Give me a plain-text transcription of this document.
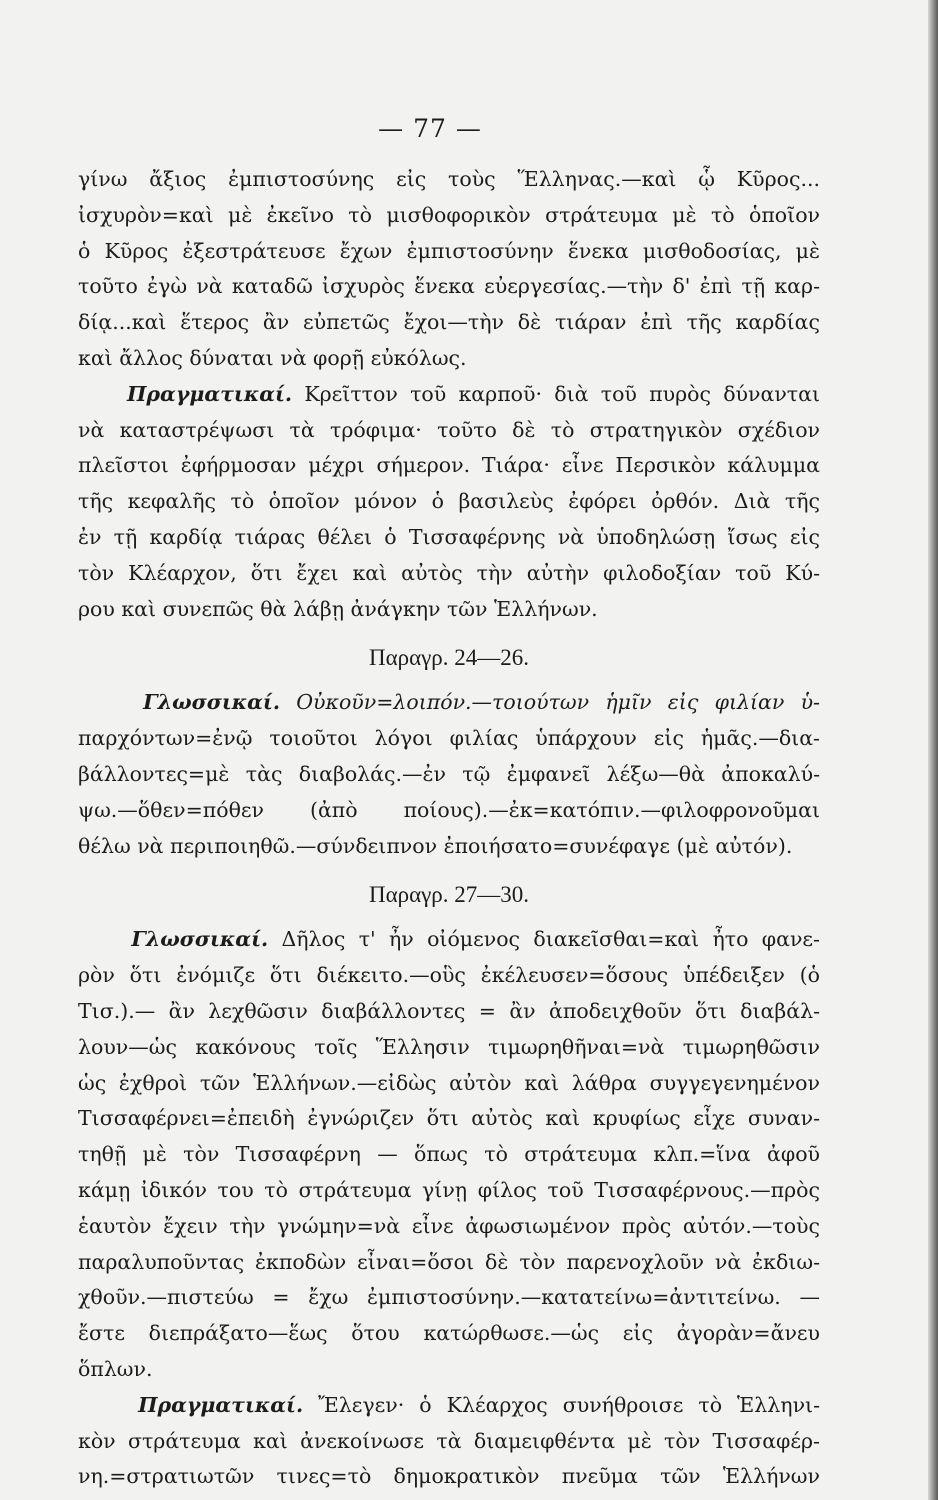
— 77 —
γίνω ἄξιος ἐμπιστοσύνης εἰς τοὺς Ἕλληνας.—καὶ ᾧ Κῦρος...
ἰσχυρὸν=καὶ μὲ ἐκεῖνο τὸ μισθοφορικὸν στράτευμα μὲ τὸ ὁποῖον
ὁ Κῦρος ἐξεστράτευσε ἔχων ἐμπιστοσύνην ἕνεκα μισθοδοσίας, μὲ
τοῦτο ἐγὼ νὰ καταδῶ ἰσχυρὸς ἕνεκα εὐεργεσίας.—τὴν δ' ἐπὶ τῇ καρ-
δίᾳ...καὶ ἕτερος ἂν εὐπετῶς ἔχοι—τὴν δὲ τιάραν ἐπὶ τῆς καρδίας
καὶ ἄλλος δύναται νὰ φορῇ εὐκόλως.
Πραγματικαί. Κρεῖττον τοῦ καρποῦ· διὰ τοῦ πυρὸς δύνανται
νὰ καταστρέψωσι τὰ τρόφιμα· τοῦτο δὲ τὸ στρατηγικὸν σχέδιον
πλεῖστοι ἐφήρμοσαν μέχρι σήμερον. Τιάρα· εἶνε Περσικὸν κάλυμμα
τῆς κεφαλῆς τὸ ὁποῖον μόνον ὁ βασιλεὺς ἐφόρει ὀρθόν. Διὰ τῆς
ἐν τῇ καρδίᾳ τιάρας θέλει ὁ Τισσαφέρνης νὰ ὑποδηλώσῃ ἴσως εἰς
τὸν Κλέαρχον, ὅτι ἔχει καὶ αὐτὸς τὴν αὐτὴν φιλοδοξίαν τοῦ Κύ-
ρου καὶ συνεπῶς θὰ λάβῃ ἀνάγκην τῶν Ἑλλήνων.
Παραγρ. 24—26.
Γλωσσικαί. Οὐκοῦν=λοιπόν.—τοιούτων ἡμῖν εἰς φιλίαν ὑ-
παρχόντων=ἐνῷ τοιοῦτοι λόγοι φιλίας ὑπάρχουν εἰς ἡμᾶς.—δια-
βάλλοντες=μὲ τὰς διαβολάς.—ἐν τῷ ἐμφανεῖ λέξω—θὰ ἀποκαλύ-
ψω.—ὅθεν=πόθεν (ἀπὸ ποίους).—ἐκ=κατόπιν.—φιλοφρονοῦμαι
θέλω νὰ περιποιηθῶ.—σύνδειπνον ἐποιήσατο=συνέφαγε (μὲ αὐτόν).
Παραγρ. 27—30.
Γλωσσικαί. Δῆλος τ' ἦν οἰόμενος διακεῖσθαι=καὶ ἦτο φανε-
ρὸν ὅτι ἐνόμιζε ὅτι διέκειτο.—οὓς ἐκέλευσεν=ὅσους ὑπέδειξεν (ὁ
Τισ.).— ἂν λεχθῶσιν διαβάλλοντες = ἂν ἀποδειχθοῦν ὅτι διαβάλ-
λουν—ὡς κακόνους τοῖς Ἕλλησιν τιμωρηθῆναι=νὰ τιμωρηθῶσιν
ὡς ἐχθροὶ τῶν Ἑλλήνων.—εἰδὼς αὐτὸν καὶ λάθρα συγγεγενημένον
Τισσαφέρνει=ἐπειδὴ ἐγνώριζεν ὅτι αὐτὸς καὶ κρυφίως εἶχε συναν-
τηθῇ μὲ τὸν Τισσαφέρνη — ὅπως τὸ στράτευμα κλπ.=ἵνα ἀφοῦ
κάμῃ ἰδικόν του τὸ στράτευμα γίνῃ φίλος τοῦ Τισσαφέρνους.—πρὸς
ἑαυτὸν ἔχειν τὴν γνώμην=νὰ εἶνε ἀφωσιωμένον πρὸς αὐτόν.—τοὺς
παραλυποῦντας ἐκποδὼν εἶναι=ὅσοι δὲ τὸν παρενοχλοῦν νὰ ἐκδιω-
χθοῦν.—πιστεύω = ἔχω ἐμπιστοσύνην.—κατατείνω=ἀντιτείνω. —
ἔστε διεπράξατο—ἕως ὅτου κατώρθωσε.—ὡς εἰς ἀγορὰν=ἄνευ
ὅπλων.
Πραγματικαί. Ἔλεγεν· ὁ Κλέαρχος συνήθροισε τὸ Ἑλληνι-
κὸν στράτευμα καὶ ἀνεκοίνωσε τὰ διαμειφθέντα μὲ τὸν Τισσαφέρ-
νη.=στρατιωτῶν τινες=τὸ δημοκρατικὸν πνεῦμα τῶν Ἑλλήνων
